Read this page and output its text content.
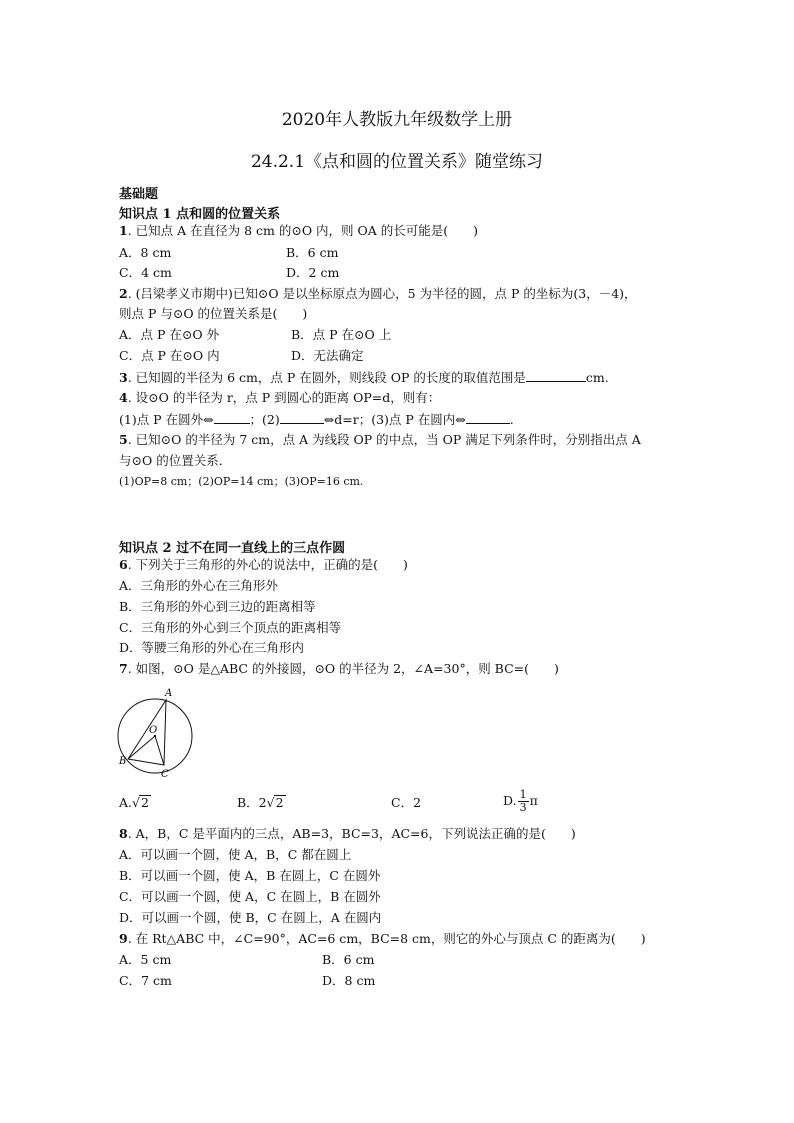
2020年人教版九年级数学上册
24.2.1《点和圆的位置关系》随堂练习
基础题
知识点 1 点和圆的位置关系
1. 已知点 A 在直径为 8 cm 的⊙O 内，则 OA 的长可能是(　　)
A．8 cm	B．6 cm
C．4 cm	D．2 cm
2. (吕梁孝义市期中)已知⊙O 是以坐标原点为圆心，5 为半径的圆，点 P 的坐标为(3，－4)，
则点 P 与⊙O 的位置关系是(　　)
A．点 P 在⊙O 外	B．点 P 在⊙O 上
C．点 P 在⊙O 内	D．无法确定
3. 已知圆的半径为 6 cm，点 P 在圆外，则线段 OP 的长度的取值范围是	cm.
4. 设⊙O 的半径为 r，点 P 到圆心的距离 OP=d，则有：
(1)点 P 在圆外⇔	；(2)	⇔d=r；(3)点 P 在圆内⇔	.
5. 已知⊙O 的半径为 7 cm，点 A 为线段 OP 的中点，当 OP 满足下列条件时，分别指出点 A
与⊙O 的位置关系．
(1)OP=8 cm；(2)OP=14 cm；(3)OP=16 cm.
知识点 2 过不在同一直线上的三点作圆
6. 下列关于三角形的外心的说法中，正确的是(　　)
A．三角形的外心在三角形外
B．三角形的外心到三边的距离相等
C．三角形的外心到三个顶点的距离相等
D．等腰三角形的外心在三角形内
7. 如图，⊙O 是△ABC 的外接圆，⊙O 的半径为 2，∠A=30°，则 BC=(　　)
A
O
B
C
A.√2	B．2√2	C．2	D. $\frac{1}{3}$ π
8. A，B，C 是平面内的三点，AB=3，BC=3，AC=6，下列说法正确的是(　　)
A．可以画一个圆，使 A，B，C 都在圆上
B．可以画一个圆，使 A，B 在圆上，C 在圆外
C．可以画一个圆，使 A，C 在圆上，B 在圆外
D．可以画一个圆，使 B，C 在圆上，A 在圆内
9. 在 Rt△ABC 中，∠C=90°，AC=6 cm，BC=8 cm，则它的外心与顶点 C 的距离为(　　)
A．5 cm	B．6 cm
C．7 cm	D．8 cm
